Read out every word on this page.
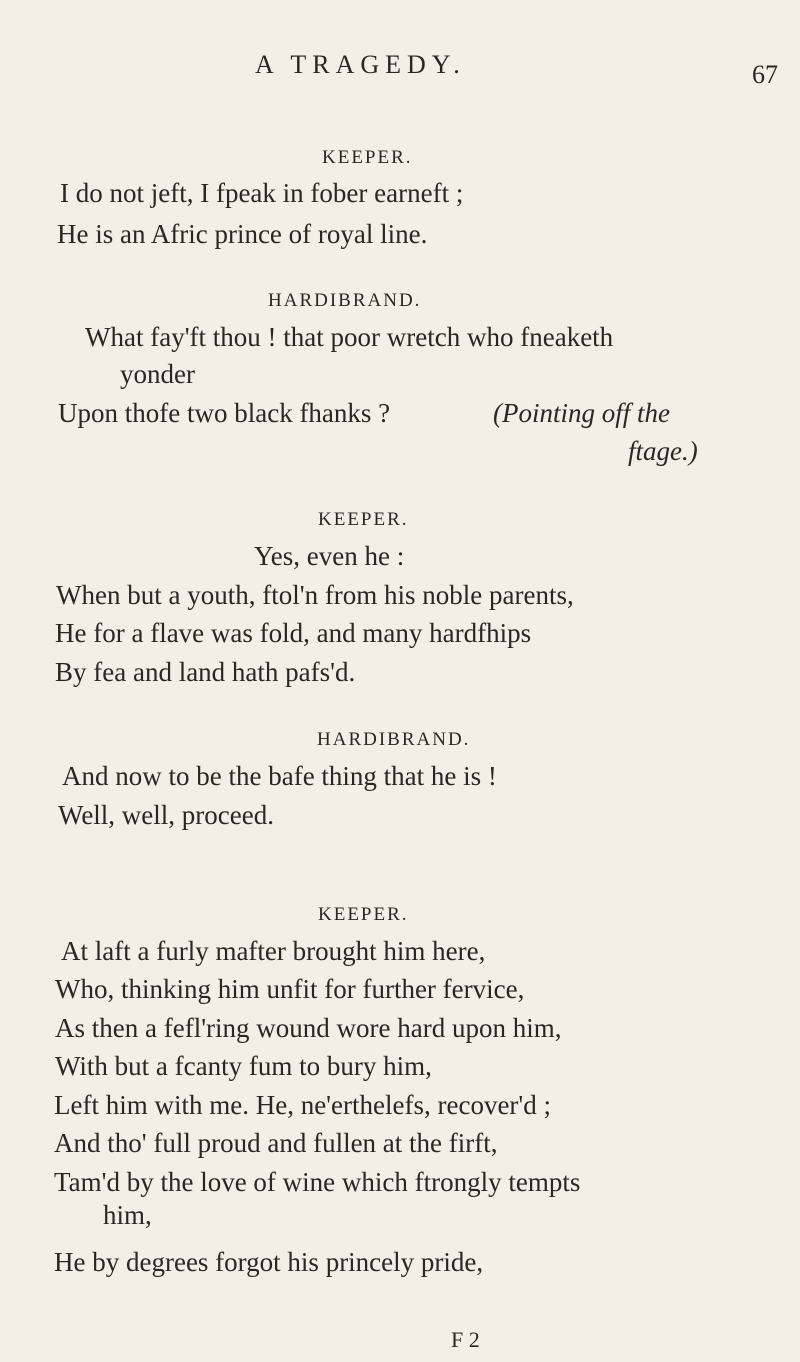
A TRAGEDY.	67
KEEPER.
I do not jeft, I fpeak in fober earneft ;
He is an Afric prince of royal line.
HARDIBRAND.
What fay'ft thou ! that poor wretch who fneaketh
yonder
Upon thofe two black fhanks ?	(Pointing off the
ftage.)
KEEPER.
Yes, even he :
When but a youth, ftol'n from his noble parents,
He for a flave was fold, and many hardfhips
By fea and land hath pafs'd.
HARDIBRAND.
And now to be the bafe thing that he is !
Well, well, proceed.
KEEPER.
At laft a furly mafter brought him here,
Who, thinking him unfit for further fervice,
As then a fefl'ring wound wore hard upon him,
With but a fcanty fum to bury him,
Left him with me. He, ne'erthelefs, recover'd ;
And tho' full proud and fullen at the firft,
Tam'd by the love of wine which ftrongly tempts
him,
He by degrees forgot his princely pride,
F 2
